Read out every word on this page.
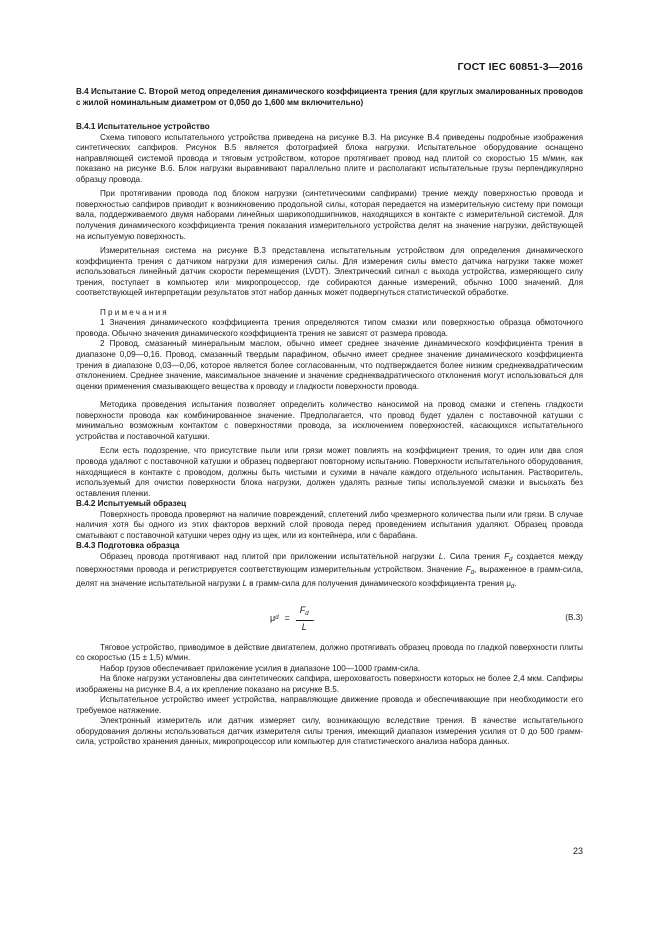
ГОСТ IEC 60851-3—2016

В.4 Испытание С. Второй метод определения динамического коэффициента трения (для круглых эмалированных проводов с жилой номинальным диаметром от 0,050 до 1,600 мм включительно)

В.4.1 Испытательное устройство

Схема типового испытательного устройства приведена на рисунке В.3. На рисунке В.4 приведены подробные изображения синтетических сапфиров. Рисунок В.5 является фотографией блока нагрузки. Испытательное оборудование оснащено направляющей системой провода и тяговым устройством, которое протягивает провод над плитой со скоростью 15 м/мин, как показано на рисунке В.6. Блок нагрузки выравнивают параллельно плите и располагают испытательные грузы перпендикулярно образцу провода.

При протягивании провода под блоком нагрузки (синтетическими сапфирами) трение между поверхностью провода и поверхностью сапфиров приводит к возникновению продольной силы, которая передается на измерительную систему при помощи вала, поддерживаемого двумя наборами линейных шарикоподшипников, находящихся в контакте с измерительной системой. Для получения динамического коэффициента трения показания измерительного устройства делят на значение нагрузки, действующей на испытуемую поверхность.

Измерительная система на рисунке В.3 представлена испытательным устройством для определения динамического коэффициента трения с датчиком нагрузки для измерения силы. Для измерения силы вместо датчика нагрузки также может использоваться линейный датчик скорости перемещения (LVDT). Электрический сигнал с выхода устройства, измеряющего силу трения, поступает в компьютер или микропроцессор, где собираются данные измерений, обычно 1000 значений. Для соответствующей интерпретации результатов этот набор данных может подвергнуться статистической обработке.

Примечания

1 Значения динамического коэффициента трения определяются типом смазки или поверхностью образца обмоточного провода. Обычно значения динамического коэффициента трения не зависят от размера провода.

2 Провод, смазанный минеральным маслом, обычно имеет среднее значение динамического коэффициента трения в диапазоне 0,09—0,16. Провод, смазанный твердым парафином, обычно имеет среднее значение динамического коэффициента трения в диапазоне 0,03—0,06, которое является более согласованным, что подтверждается более низким среднеквадратическим отклонением. Среднее значение, максимальное значение и значение среднеквадратического отклонения могут использоваться для оценки применения смазывающего вещества к проводу и гладкости поверхности провода.

Методика проведения испытания позволяет определить количество наносимой на провод смазки и степень гладкости поверхности провода как комбинированное значение. Предполагается, что провод будет удален с поставочной катушки с минимально возможным контактом с поверхностями провода, за исключением поверхностей, касающихся испытательного устройства и поставочной катушки.

Если есть подозрение, что присутствие пыли или грязи может повлиять на коэффициент трения, то один или два слоя провода удаляют с поставочной катушки и образец подвергают повторному испытанию. Поверхности испытательного оборудования, находящиеся в контакте с проводом, должны быть чистыми и сухими в начале каждого отдельного испытания. Растворитель, используемый для очистки поверхности блока нагрузки, должен удалять разные типы используемой смазки и высыхать без оставления пленки.

В.4.2 Испытуемый образец

Поверхность провода проверяют на наличие повреждений, сплетений либо чрезмерного количества пыли или грязи. В случае наличия хотя бы одного из этих факторов верхний слой провода перед проведением испытания удаляют. Образец провода сматывают с поставочной катушки через одну из щек, или из контейнера, или с барабана.

В.4.3 Подготовка образца

Образец провода протягивают над плитой при приложении испытательной нагрузки L. Сила трения $F_d$ создается между поверхностями провода и регистрируется соответствующим измерительным устройством. Значение $F_d$, выраженное в грамм-сила, делят на значение испытательной нагрузки L в грамм-сила для получения динамического коэффициента трения $\mu_d$.

μ $d = \frac{F_d}{L}$ .	(В.3)

Тяговое устройство, приводимое в действие двигателем, должно протягивать образец провода по гладкой поверхности плиты со скоростью (15 ± 1,5) м/мин.

Набор грузов обеспечивает приложение усилия в диапазоне 100—1000 грамм-сила.

На блоке нагрузки установлены два синтетических сапфира, шероховатость поверхности которых не более 2,4 мкм. Сапфиры изображены на рисунке В.4, а их крепление показано на рисунке В.5.

Испытательное устройство имеет устройства, направляющие движение провода и обеспечивающие при необходимости его требуемое натяжение.

Электронный измеритель или датчик измеряет силу, возникающую вследствие трения. В качестве испытательного оборудования должны использоваться датчик измерителя силы трения, имеющий диапазон измерения усилия от 0 до 500 грамм-сила, устройство хранения данных, микропроцессор или компьютер для статистического анализа набора данных.

23
